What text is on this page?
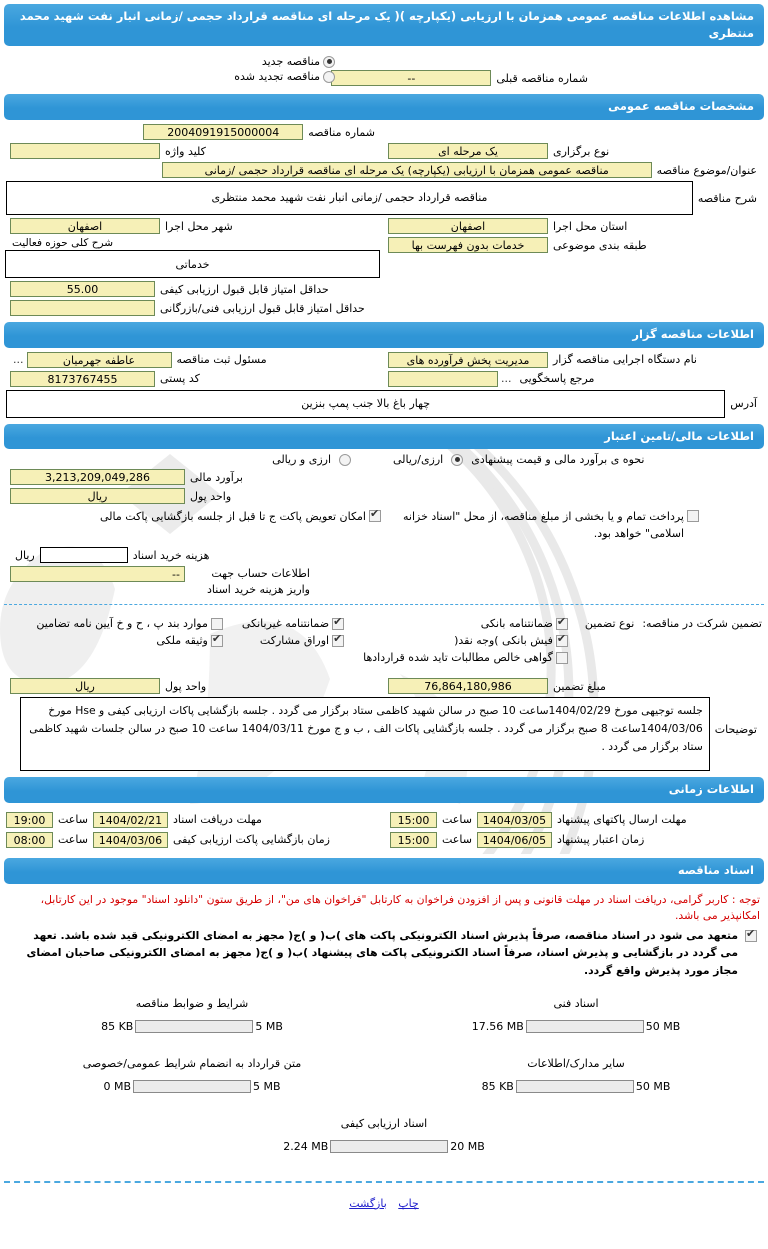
مشاهده اطلاعات مناقصه عمومی همزمان با ارزیابی (یکپارچه )( یک مرحله ای مناقصه قرارداد حجمی /زمانی انبار نفت شهید محمد منتظری
مناقصه جدید
مناقصه تجدید شده	شماره مناقصه قبلی
--
مشخصات مناقصه عمومی
شماره مناقصه
2004091915000004
نوع برگزاری
یک مرحله ای
کلید واژه
عنوان/موضوع مناقصه
مناقصه عمومی همزمان با ارزیابی (یکپارچه) یک مرحله ای مناقصه قرارداد حجمی /زمانی
شرح مناقصه
مناقصه قرارداد حجمی /زمانی انبار نفت شهید محمد منتظری
استان محل اجرا
اصفهان
شهر محل اجرا
اصفهان
طبقه بندی موضوعی
خدمات بدون فهرست بها
شرح کلی حوزه فعالیت
خدماتی
حداقل امتیاز قابل قبول ارزیابی کیفی
55.00
حداقل امتیاز قابل قبول ارزیابی فنی/بازرگانی
اطلاعات مناقصه گزار
نام دستگاه اجرایی مناقصه گزار
مدیریت پخش فرآورده های
مسئول ثبت مناقصه
عاطفه جهرمیان
...
مرجع پاسخگویی
...
کد پستی
8173767455
آدرس
چهار باغ بالا جنب پمپ بنزین
اطلاعات مالی/تامین اعتبار
نحوه ی برآورد مالی و قیمت پیشنهادی
ارزی/ریالی
ارزی و ریالی
برآورد مالی
3,213,209,049,286
واحد پول
ریال
پرداخت تمام و یا بخشی از مبلغ مناقصه، از محل "اسناد خزانه اسلامی" خواهد بود.
✔
امکان تعویض پاکت ج تا قبل از جلسه بازگشایی پاکت مالی
هزینه خرید اسناد
ریال
اطلاعات حساب جهت واریز هزینه خرید اسناد
--
تضمین شرکت در مناقصه:
نوع تضمین
✔
ضمانتنامه بانکی
✔
فیش بانکی )وجه نقد(
گواهی خالص مطالبات تاید شده قراردادها
✔
ضمانتنامه غیربانکی
✔
اوراق مشارکت
موارد بند پ ، ح و خ آیین نامه تضامین
✔
وثیقه ملکی
مبلغ تضمین
76,864,180,986
واحد پول
ریال
توضیحات
جلسه توجیهی مورخ 1404/02/29ساعت 10 صبح در سالن شهید کاظمی ستاد برگزار می گردد . جلسه بازگشایی پاکات ارزیابی کیفی و Hse مورخ 1404/03/06ساعت 8 صبح برگزار می گردد . جلسه بازگشایی پاکات الف , ب و ج مورخ 1404/03/11 ساعت 10 صبح در سالن جلسات شهید کاظمی ستاد برگزار می گردد .
اطلاعات زمانی
مهلت ارسال پاکتهای پیشنهاد
1404/03/05
ساعت
15:00
مهلت دریافت اسناد
1404/02/21
ساعت
19:00
زمان اعتبار پیشنهاد
1404/06/05
ساعت
15:00
زمان بازگشایی پاکت ارزیابی کیفی
1404/03/06
ساعت
08:00
اسناد مناقصه
توجه : کاربر گرامی، دریافت اسناد در مهلت قانونی و پس از افزودن فراخوان به کارتابل "فراخوان های من"، از طریق ستون "دانلود اسناد" موجود در این کارتابل، امکانپذیر می باشد.
✔
متعهد می شود در اسناد مناقصه، صرفاً پذیرش اسناد الکترونیکی پاکت های )ب( و )ج( مجهز به امضای الکترونیکی قید شده باشد. تعهد می گردد در بازگشایی و پذیرش اسناد، صرفاً اسناد الکترونیکی پاکت های پیشنهاد )ب( و )ج( مجهز به امضای الکترونیکی صاحبان امضای مجاز مورد پذیرش واقع گردد.
اسناد فنی
17.56 MB	50 MB
شرایط و ضوابط مناقصه
85 KB	5 MB
سایر مدارک/اطلاعات
85 KB	50 MB
متن قرارداد به انضمام شرایط عمومی/خصوصی
0 MB	5 MB
اسناد ارزیابی کیفی
2.24 MB	20 MB
چاپ بازگشت
